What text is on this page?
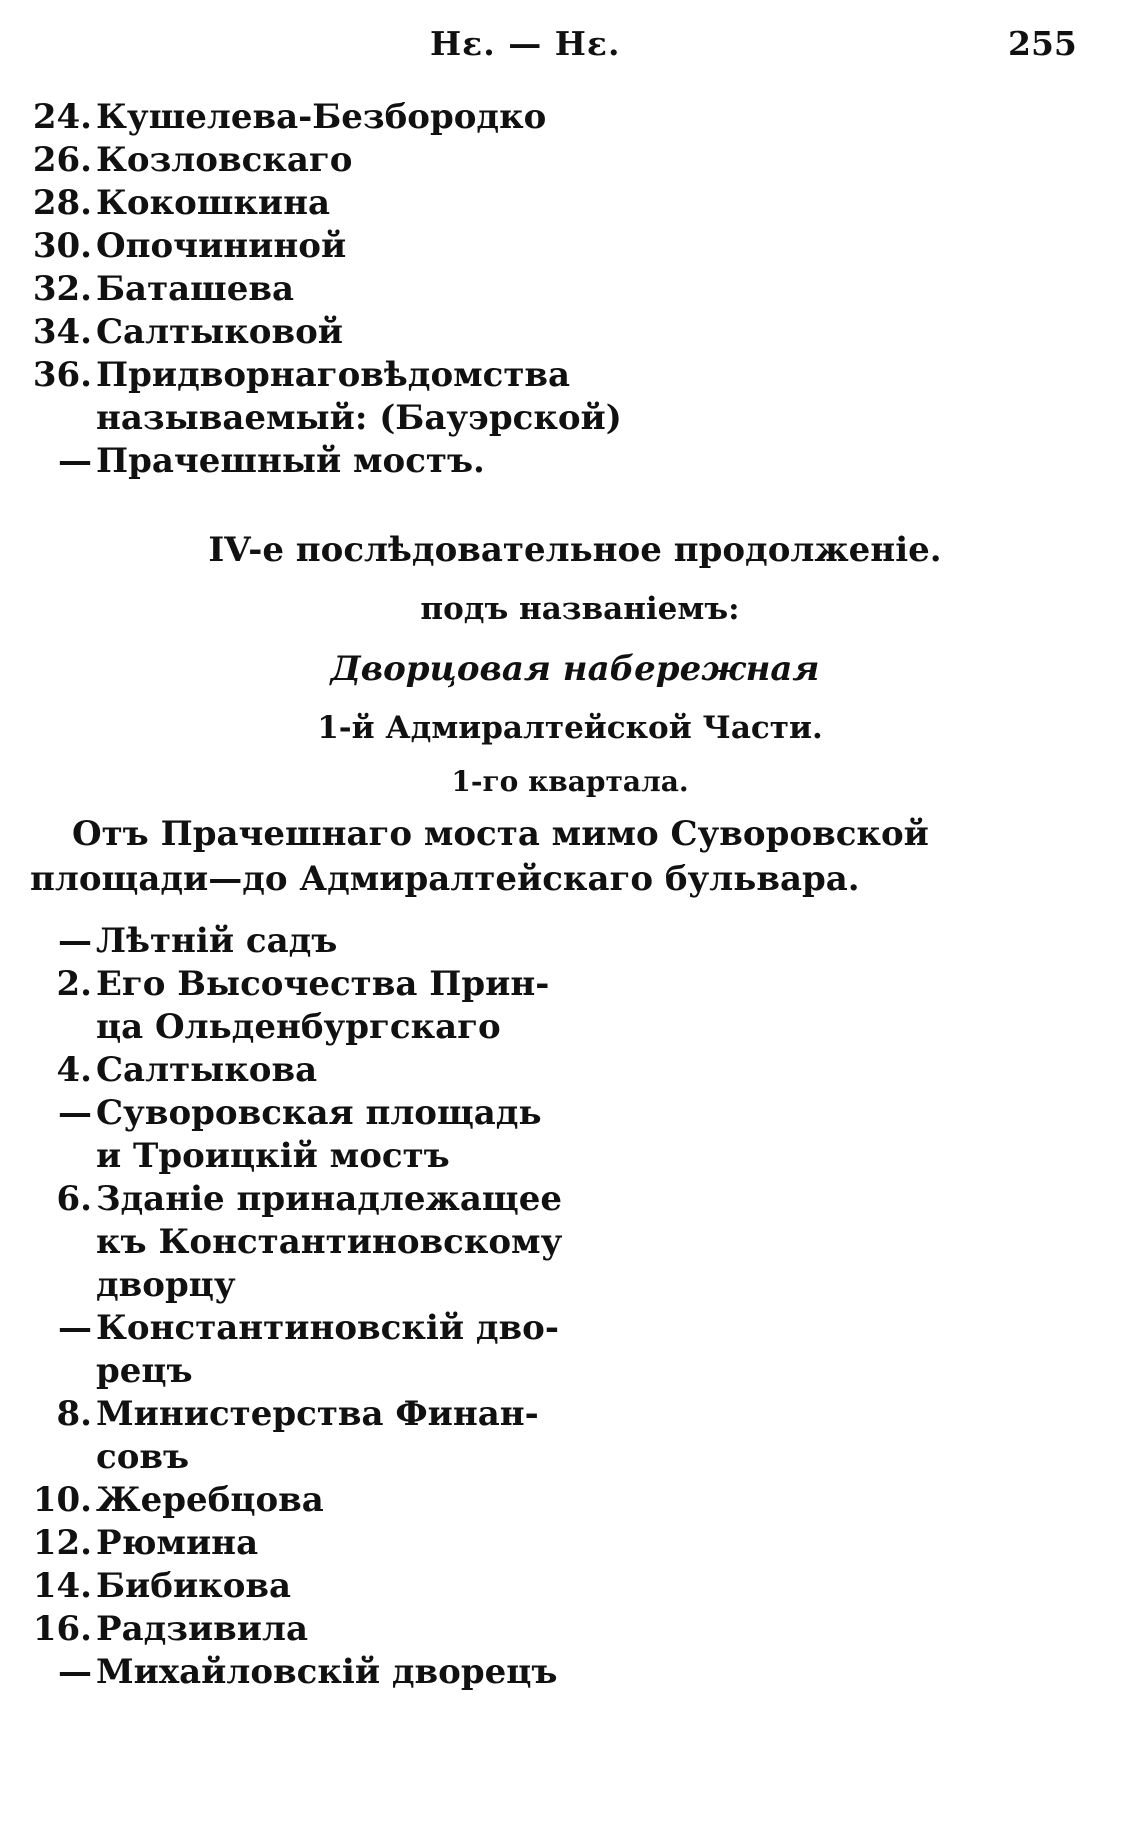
Нε. — Нε.	255
24. Кушелева-Безбородко
26. Козловскаго
28. Кокошкина
30. Опочининой
32. Баташева
34. Салтыковой
36. Придворнаговѣдомства
называемый: (Бауэрской)
— Прачешный мостъ.

IV-е послѣдовательное продолженіе.

подъ названіемъ:

Дворцовая набережная

1-й Адмиралтейской Части.

1-го квартала.

Отъ Прачешнаго моста мимо Суворовской площади—до Адмиралтейскаго бульвара.
— Лѣтній садъ
2. Его Высочества Прин-
ца Ольденбургскаго
4. Салтыкова
— Суворовская площадь
и Троицкій мостъ
6. Зданіе принадлежащее
къ Константиновскому
дворцу
— Константиновскій дво-
рецъ
8. Министерства Финан-
совъ
10. Жеребцова
12. Рюмина
14. Бибикова
16. Радзивила
— Михайловскій дворецъ
